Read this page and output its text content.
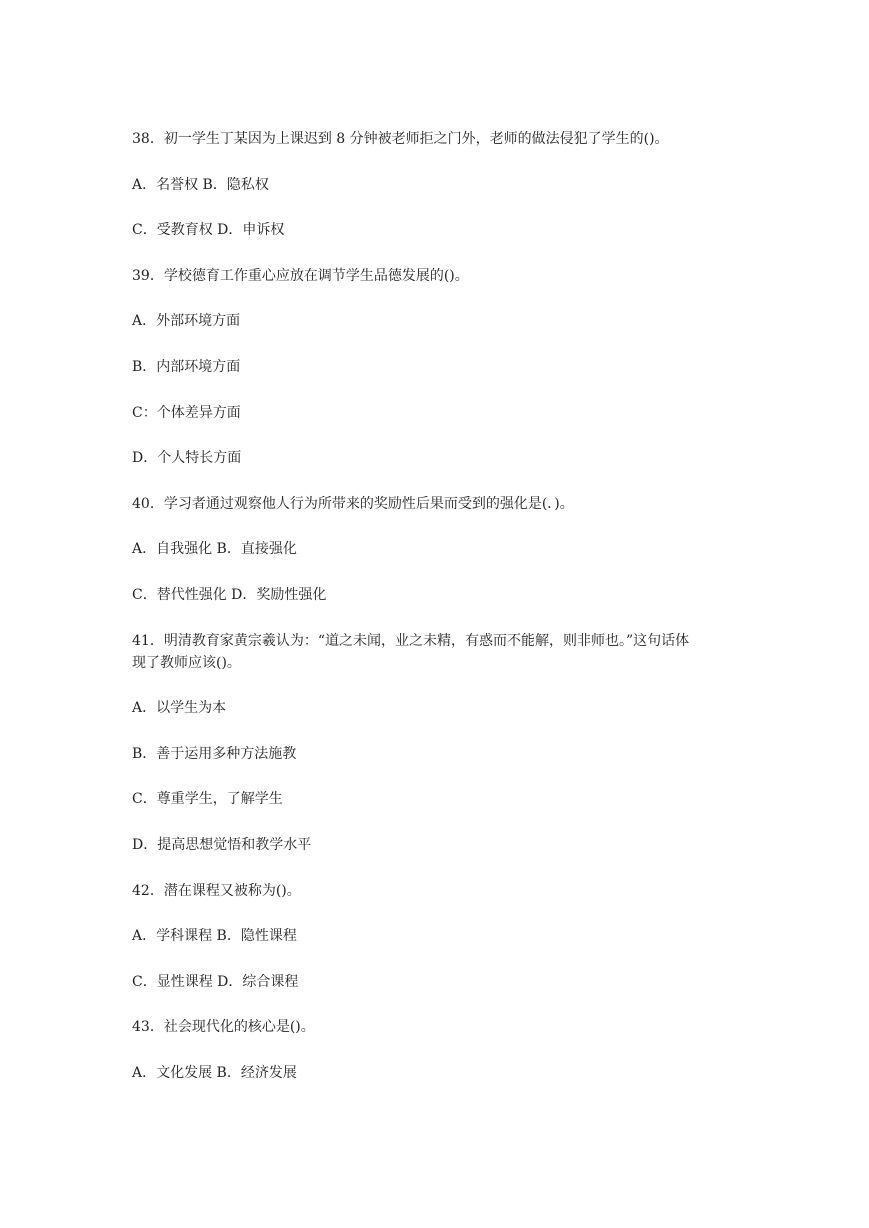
38．初一学生丁某因为上课迟到 8 分钟被老师拒之门外，老师的做法侵犯了学生的()。

A．名誉权 B．隐私权

C．受教育权 D．申诉权

39．学校德育工作重心应放在调节学生品德发展的()。

A．外部环境方面

B．内部环境方面

C：个体差异方面

D．个人特长方面

40．学习者通过观察他人行为所带来的奖励性后果而受到的强化是(．)。

A．自我强化 B．直接强化

C．替代性强化 D．奖励性强化

41．明清教育家黄宗羲认为：“道之未闻，业之未精，有惑而不能解，则非师也。”这句话体

现了教师应该()。

A．以学生为本

B．善于运用多种方法施教

C．尊重学生，了解学生

D．提高思想觉悟和教学水平

42．潜在课程又被称为()。

A．学科课程 B．隐性课程

C．显性课程 D．综合课程

43．社会现代化的核心是()。

A．文化发展 B．经济发展
